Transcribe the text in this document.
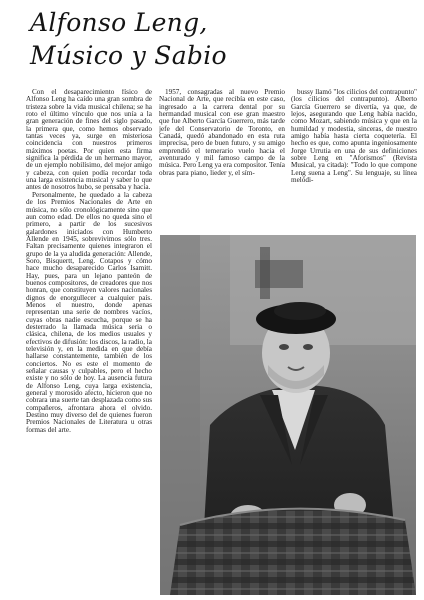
Alfonso Leng,
Músico y Sabio

Con el desaparecimiento físico de Alfonso Leng ha caído una gran sombra de tristeza sobre la vida musical chilena; se ha roto el último vínculo que nos unía a la gran generación de fines del siglo pasado, la primera que, como hemos observado tantas veces ya, surge en misteriosa coincidencia con nuestros primeros máximos poetas. Por quien esta firma significa la pérdida de un hermano mayor, de un ejemplo nobilísimo, del mejor amigo y cabeza, con quien podía recordar toda una larga existencia musical y saber lo que antes de nosotros hubo, se pensaba y hacía.

Personalmente, he quedado a la cabeza de los Premios Nacionales de Arte en música, no sólo cronológicamente sino que aun como edad. De ellos no queda sino el primero, a partir de los sucesivos galardones iniciados con Humberto Allende en 1945, sobrevivimos sólo tres. Faltan precisamente quienes integraron el grupo de la ya aludida generación: Allende, Soro, Bisquertt, Leng. Cotapos y cómo hace mucho desaparecido Carlos Isamitt. Hay, pues, para un lejano panteón de buenos compositores, de creadores que nos honran, que constituyen valores nacionales dignos de enorgullecer a cualquier país. Menos el nuestro, donde apenas representan una serie de nombres vacíos, cuyas obras nadie escucha, porque se ha desterrado la llamada música seria o clásica, chilena, de los medios usuales y efectivos de difusión: los discos, la radio, la televisión y, en la medida en que debía hallarse constantemente, también de los conciertos. No es este el momento de señalar causas y culpables, pero el hecho existe y no sólo de hoy. La ausencia futura de Alfonso Leng, cuya larga existencia, general y morosido afecto, hicieron que no cobrara una suerte tan desplazada como sus compañeros, afrontara ahora el olvido. Destino muy diverso del de quienes fueron Premios Nacionales de Literatura u otras formas del arte.

1957, consagradas al nuevo Premio Nacional de Arte, que recibía en este caso, ingresado a la carrera dental por su hermandad musical con ese gran maestro que fue Alberto García Guerrero, más tarde jefe del Conservatorio de Toronto, en Canadá, quedó abandonado en esta ruta imprecisa, pero de buen futuro, y su amigo emprendió el temerario vuelo hacia el aventurado y mil famoso campo de la música. Pero Leng ya era compositor. Tenía obras para piano, lieder y, el sím-

bussy llamó "los cilicios del contrapunto" (los cilicios del contrapunto). Alberto García Guerrero se divertía, ya que, de lejos, asegurando que Leng había nacido, como Mozart, sabiendo música y que en la humildad y modestia, sinceras, de nuestro amigo había hasta cierta coquetería. El hecho es que, como apunta ingeniosamente Jorge Urrutia en una de sus definiciones sobre Leng en "Aforismos" (Revista Musical, ya citada): "Todo lo que compone Leng suena a Leng". Su lenguaje, su línea melódi-
